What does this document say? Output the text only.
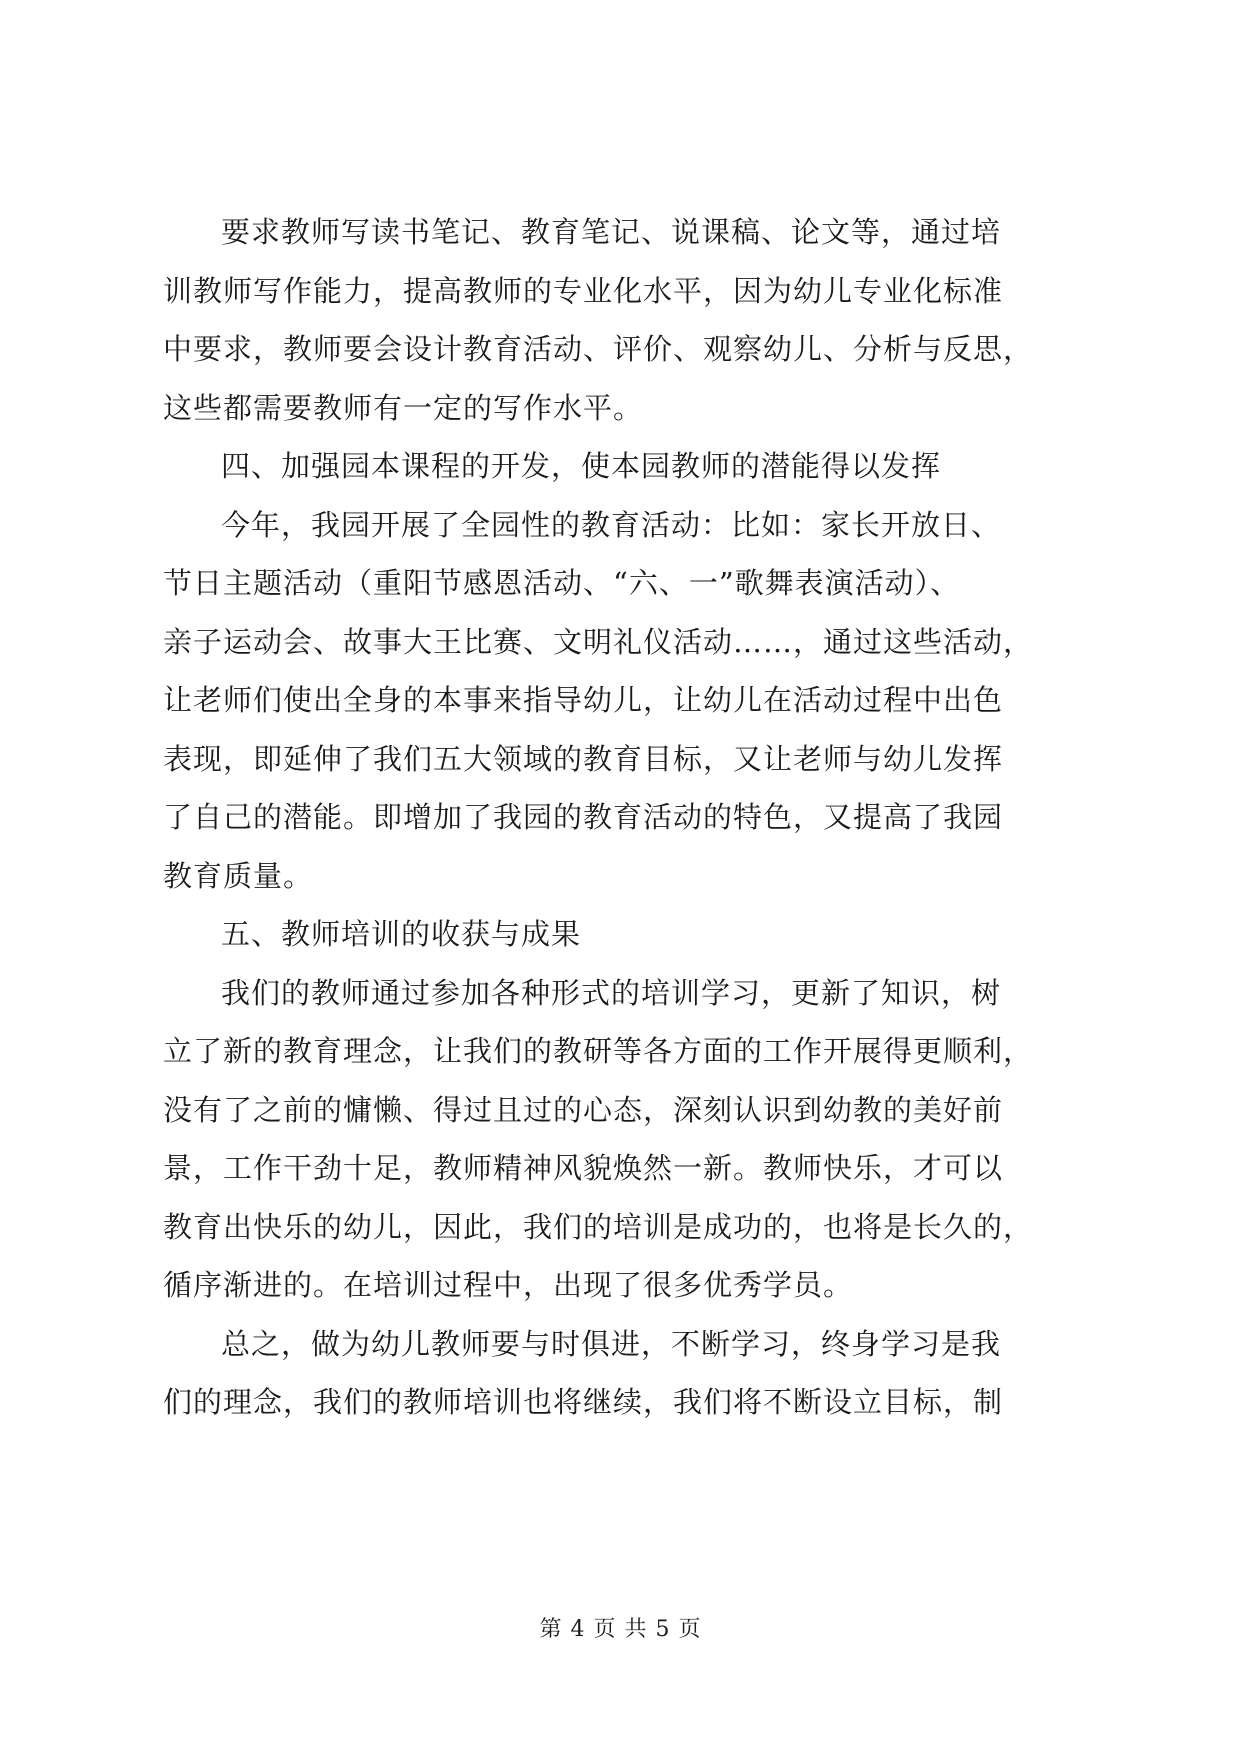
要求教师写读书笔记、教育笔记、说课稿、论文等，通过培
训教师写作能力，提高教师的专业化水平，因为幼儿专业化标准
中要求，教师要会设计教育活动、评价、观察幼儿、分析与反思，
这些都需要教师有一定的写作水平。

四、加强园本课程的开发，使本园教师的潜能得以发挥

今年，我园开展了全园性的教育活动：比如：家长开放日、
节日主题活动（重阳节感恩活动、“六、一”歌舞表演活动）、
亲子运动会、故事大王比赛、文明礼仪活动……，通过这些活动，
让老师们使出全身的本事来指导幼儿，让幼儿在活动过程中出色
表现，即延伸了我们五大领域的教育目标，又让老师与幼儿发挥
了自己的潜能。即增加了我园的教育活动的特色，又提高了我园
教育质量。

五、教师培训的收获与成果

我们的教师通过参加各种形式的培训学习，更新了知识，树
立了新的教育理念，让我们的教研等各方面的工作开展得更顺利，
没有了之前的慵懒、得过且过的心态，深刻认识到幼教的美好前
景，工作干劲十足，教师精神风貌焕然一新。教师快乐，才可以
教育出快乐的幼儿，因此，我们的培训是成功的，也将是长久的，
循序渐进的。在培训过程中，出现了很多优秀学员。

总之，做为幼儿教师要与时俱进，不断学习，终身学习是我
们的理念，我们的教师培训也将继续，我们将不断设立目标，制

第 4 页 共 5 页
